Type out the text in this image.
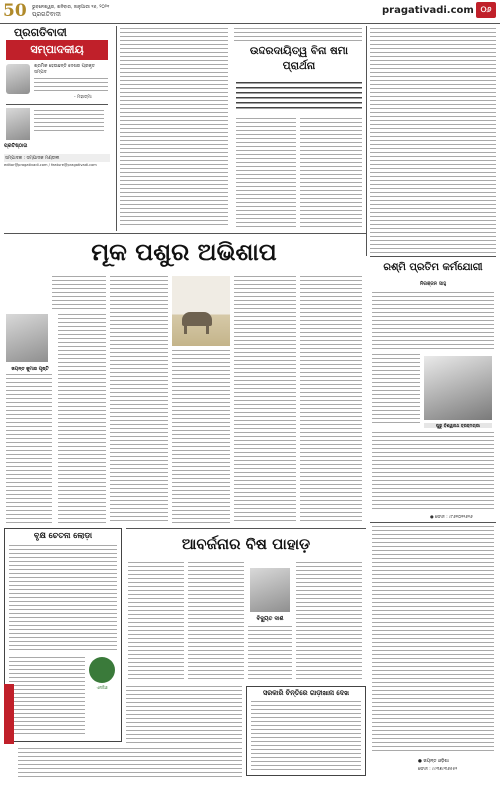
50 ଭୁବନେଶ୍ୱର, ଶନିବାର, ଜାନୁଆରୀ ୧୬, ୨୦୨୧
ପ୍ରଗତିବାଦୀ	pragativadi.com ୦୬
ପ୍ରଗତିବାଦୀ
ସମ୍ପାଦକୀୟ
ଶ୍ରମିକ ହେଉଛନ୍ତି ଦେଶର ପ୍ରକୃତ ସମ୍ପଦ
- ମହାତ୍ମା
ପ୍ରତିଷ୍ଠାତା
ସମ୍ପାଦକ : ସମ୍ପାଦକ ମଣ୍ଡଳୀ
editor@pragativadi.com / feature@pragativadi.com
ଉଦ୍ଦରଦାୟିତ୍ୱ ବିନା ଷମା ପ୍ରାର୍ଥନା
ମୂକ ପଶୁର ଅଭିଶାପ
ଜୟନ୍ତ କୁମାର ପୃଷ୍ଟି
ରଶ୍ମି ପ୍ରତିମ କର୍ମଯୋଗୀ
ନିରଞ୍ଜନ ସାହୁ
ପୁରୁ ବିଶ୍ୱନାଥ ବ୍ରହ୍ମଚାରୀ
● ଫୋନ : ୯୮୬୧୦୧୨୬୨୬
● ଜୟନ୍ତ ଓଡ଼ିଶା
ଫୋନ : ୯୯୩୭୯୩୬୫୫୨
ବୃକ୍ଷ ଚେତନା ଲୋଡ଼ା
ଏନଜିଓ
ଆବର୍ଜନାର ବିଷ ପାହାଡ଼
ବିଦ୍ୟୁତ ଦାଶ
ସରକାରି ଚିନ୍ତିରେ ଗାଡ଼ୀଖାନା ଦେଖ
